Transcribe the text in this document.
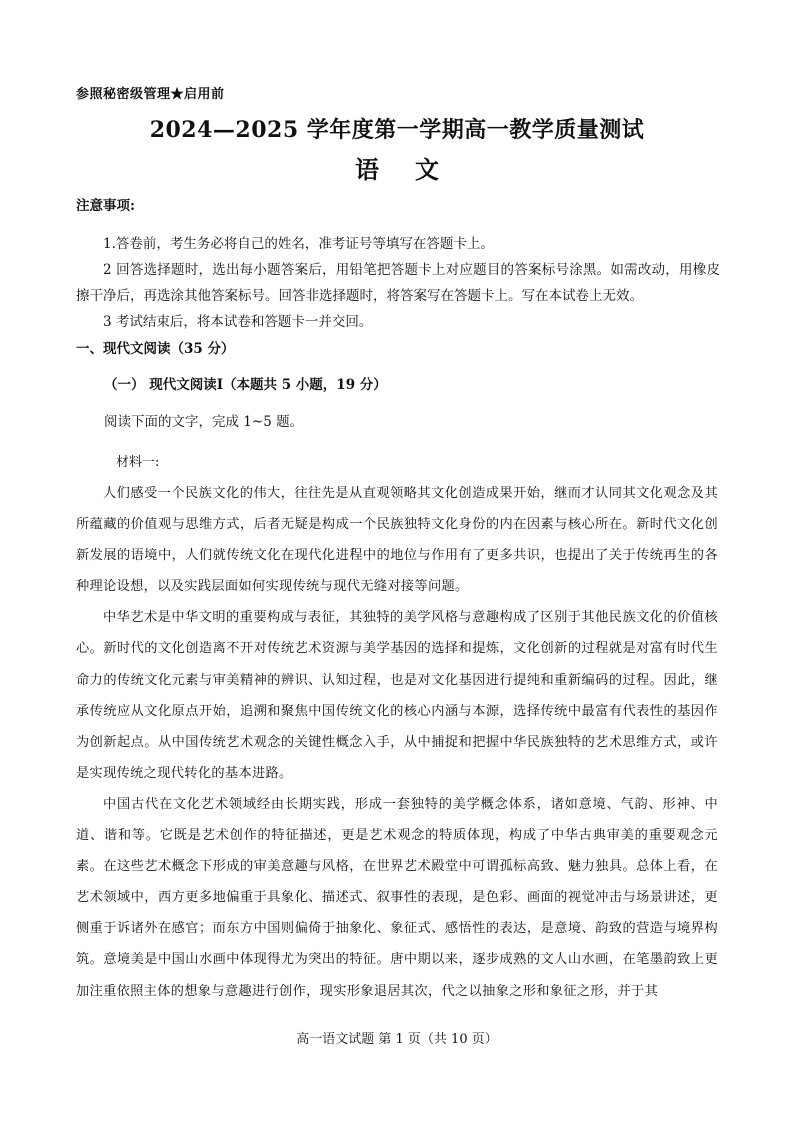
参照秘密级管理★启用前
2024—2025 学年度第一学期高一教学质量测试
语文
注意事项:

1.答卷前，考生务必将自己的姓名，准考证号等填写在答题卡上。

2 回答选择题时，选出每小题答案后，用铅笔把答题卡上对应题目的答案标号涂黑。如需改动，用橡皮擦干净后，再选涂其他答案标号。回答非选择题时，将答案写在答题卡上。写在本试卷上无效。

3 考试结束后，将本试卷和答题卡一并交回。

一、现代文阅读（35 分）
（一） 现代文阅读Ⅰ（本题共 5 小题，19 分）
阅读下面的文字，完成 1~5 题。
材料一:

人们感受一个民族文化的伟大，往往先是从直观领略其文化创造成果开始，继而才认同其文化观念及其所蕴藏的价值观与思维方式，后者无疑是构成一个民族独特文化身份的内在因素与核心所在。新时代文化创新发展的语境中，人们就传统文化在现代化进程中的地位与作用有了更多共识，也提出了关于传统再生的各种理论设想，以及实践层面如何实现传统与现代无缝对接等问题。

中华艺术是中华文明的重要构成与表征，其独特的美学风格与意趣构成了区别于其他民族文化的价值核心。新时代的文化创造离不开对传统艺术资源与美学基因的选择和提炼，文化创新的过程就是对富有时代生命力的传统文化元素与审美精神的辨识、认知过程，也是对文化基因进行提纯和重新编码的过程。因此，继承传统应从文化原点开始，追溯和聚焦中国传统文化的核心内涵与本源，选择传统中最富有代表性的基因作为创新起点。从中国传统艺术观念的关键性概念入手，从中捕捉和把握中华民族独特的艺术思维方式，或许是实现传统之现代转化的基本进路。

中国古代在文化艺术领域经由长期实践，形成一套独特的美学概念体系，诸如意境、气韵、形神、中道、谐和等。它既是艺术创作的特征描述，更是艺术观念的特质体现，构成了中华古典审美的重要观念元素。在这些艺术概念下形成的审美意趣与风格，在世界艺术殿堂中可谓孤标高致、魅力独具。总体上看，在艺术领域中，西方更多地偏重于具象化、描述式、叙事性的表现，是色彩、画面的视觉冲击与场景讲述，更侧重于诉诸外在感官；而东方中国则偏倚于抽象化、象征式、感悟性的表达，是意境、韵致的营造与境界构筑。意境美是中国山水画中体现得尤为突出的特征。唐中期以来，逐步成熟的文人山水画，在笔墨韵致上更加注重依照主体的想象与意趣进行创作，现实形象退居其次，代之以抽象之形和象征之形，并于其

高一语文试题 第 1 页（共 10 页）
